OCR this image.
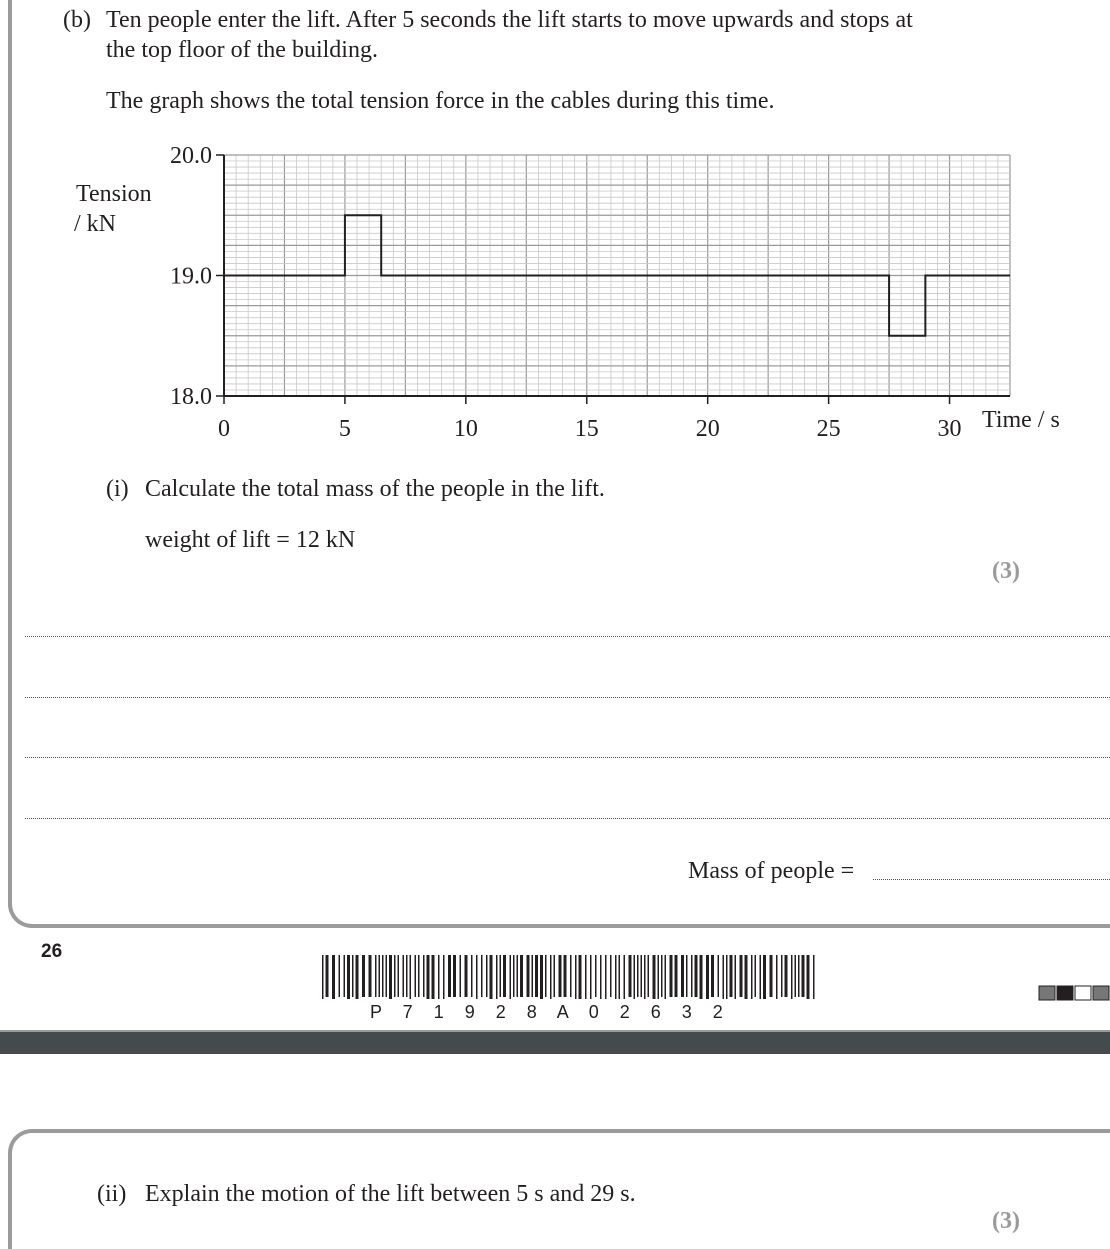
(b) Ten people enter the lift. After 5 seconds the lift starts to move upwards and stops at
the top floor of the building.
The graph shows the total tension force in the cables during this time.
18.0
19.0
20.0
0	5	10	15	20	25	30
Tension
/ kN
Time / s
(i) Calculate the total mass of the people in the lift.
weight of lift = 12 kN
(3)
Mass of people =
26
P 7 1 9 2 8 A 0 2 6 3 2
(ii) Explain the motion of the lift between 5 s and 29 s.
(3)
